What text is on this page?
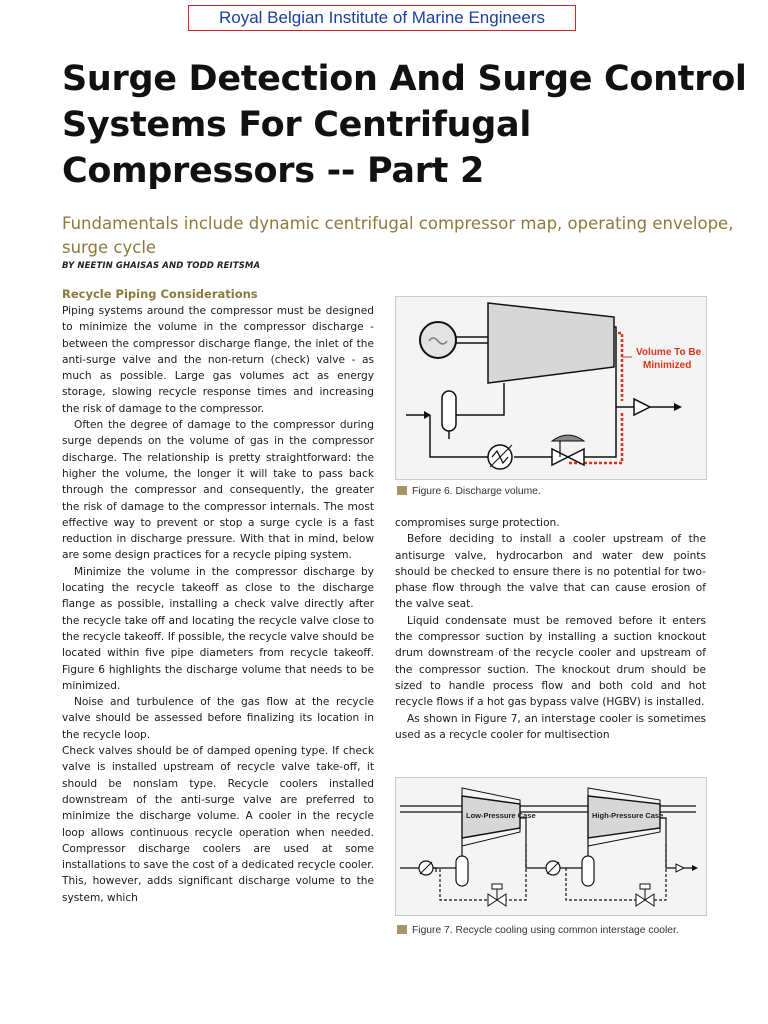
Royal Belgian Institute of Marine Engineers
Surge Detection And Surge Control Systems For Centrifugal Compressors -- Part 2

Fundamentals include dynamic centrifugal compressor map, operating envelope, surge cycle

BY NEETIN GHAISAS AND TODD REITSMA
Recycle Piping Considerations

Piping systems around the compressor must be designed to minimize the volume in the compressor discharge - between the compressor discharge flange, the inlet of the anti-surge valve and the non-return (check) valve - as much as possible. Large gas volumes act as energy storage, slowing recycle response times and increasing the risk of damage to the compressor.

Often the degree of damage to the compressor during surge depends on the volume of gas in the compressor discharge. The relationship is pretty straightforward: the higher the volume, the longer it will take to pass back through the compressor and consequently, the greater the risk of damage to the compressor internals. The most effective way to prevent or stop a surge cycle is a fast reduction in discharge pressure. With that in mind, below are some design practices for a recycle piping system.

Minimize the volume in the compressor discharge by locating the recycle takeoff as close to the discharge flange as possible, installing a check valve directly after the recycle take off and locating the recycle valve close to the recycle takeoff. If possible, the recycle valve should be located within five pipe diameters from recycle takeoff. Figure 6 highlights the discharge volume that needs to be minimized.

Noise and turbulence of the gas flow at the recycle valve should be assessed before finalizing its location in the recycle loop.

Check valves should be of damped opening type. If check valve is installed upstream of recycle valve take-off, it should be nonslam type. Recycle coolers installed downstream of the anti-surge valve are preferred to minimize the discharge volume. A cooler in the recycle loop allows continuous recycle operation when needed. Compressor discharge coolers are used at some installations to save the cost of a dedicated recycle cooler. This, however, adds significant discharge volume to the system, which

Volume To Be
Minimized
Figure 6. Discharge volume.

compromises surge protection.

Before deciding to install a cooler upstream of the antisurge valve, hydrocarbon and water dew points should be checked to ensure there is no potential for two-phase flow through the valve that can cause erosion of the valve seat.

Liquid condensate must be removed before it enters the compressor suction by installing a suction knockout drum downstream of the recycle cooler and upstream of the compressor suction. The knockout drum should be sized to handle process flow and both cold and hot recycle flows if a hot gas bypass valve (HGBV) is installed.

As shown in Figure 7, an interstage cooler is sometimes used as a recycle cooler for multisection

Low-Pressure Case	High-Pressure Case
Figure 7. Recycle cooling using common interstage cooler.
